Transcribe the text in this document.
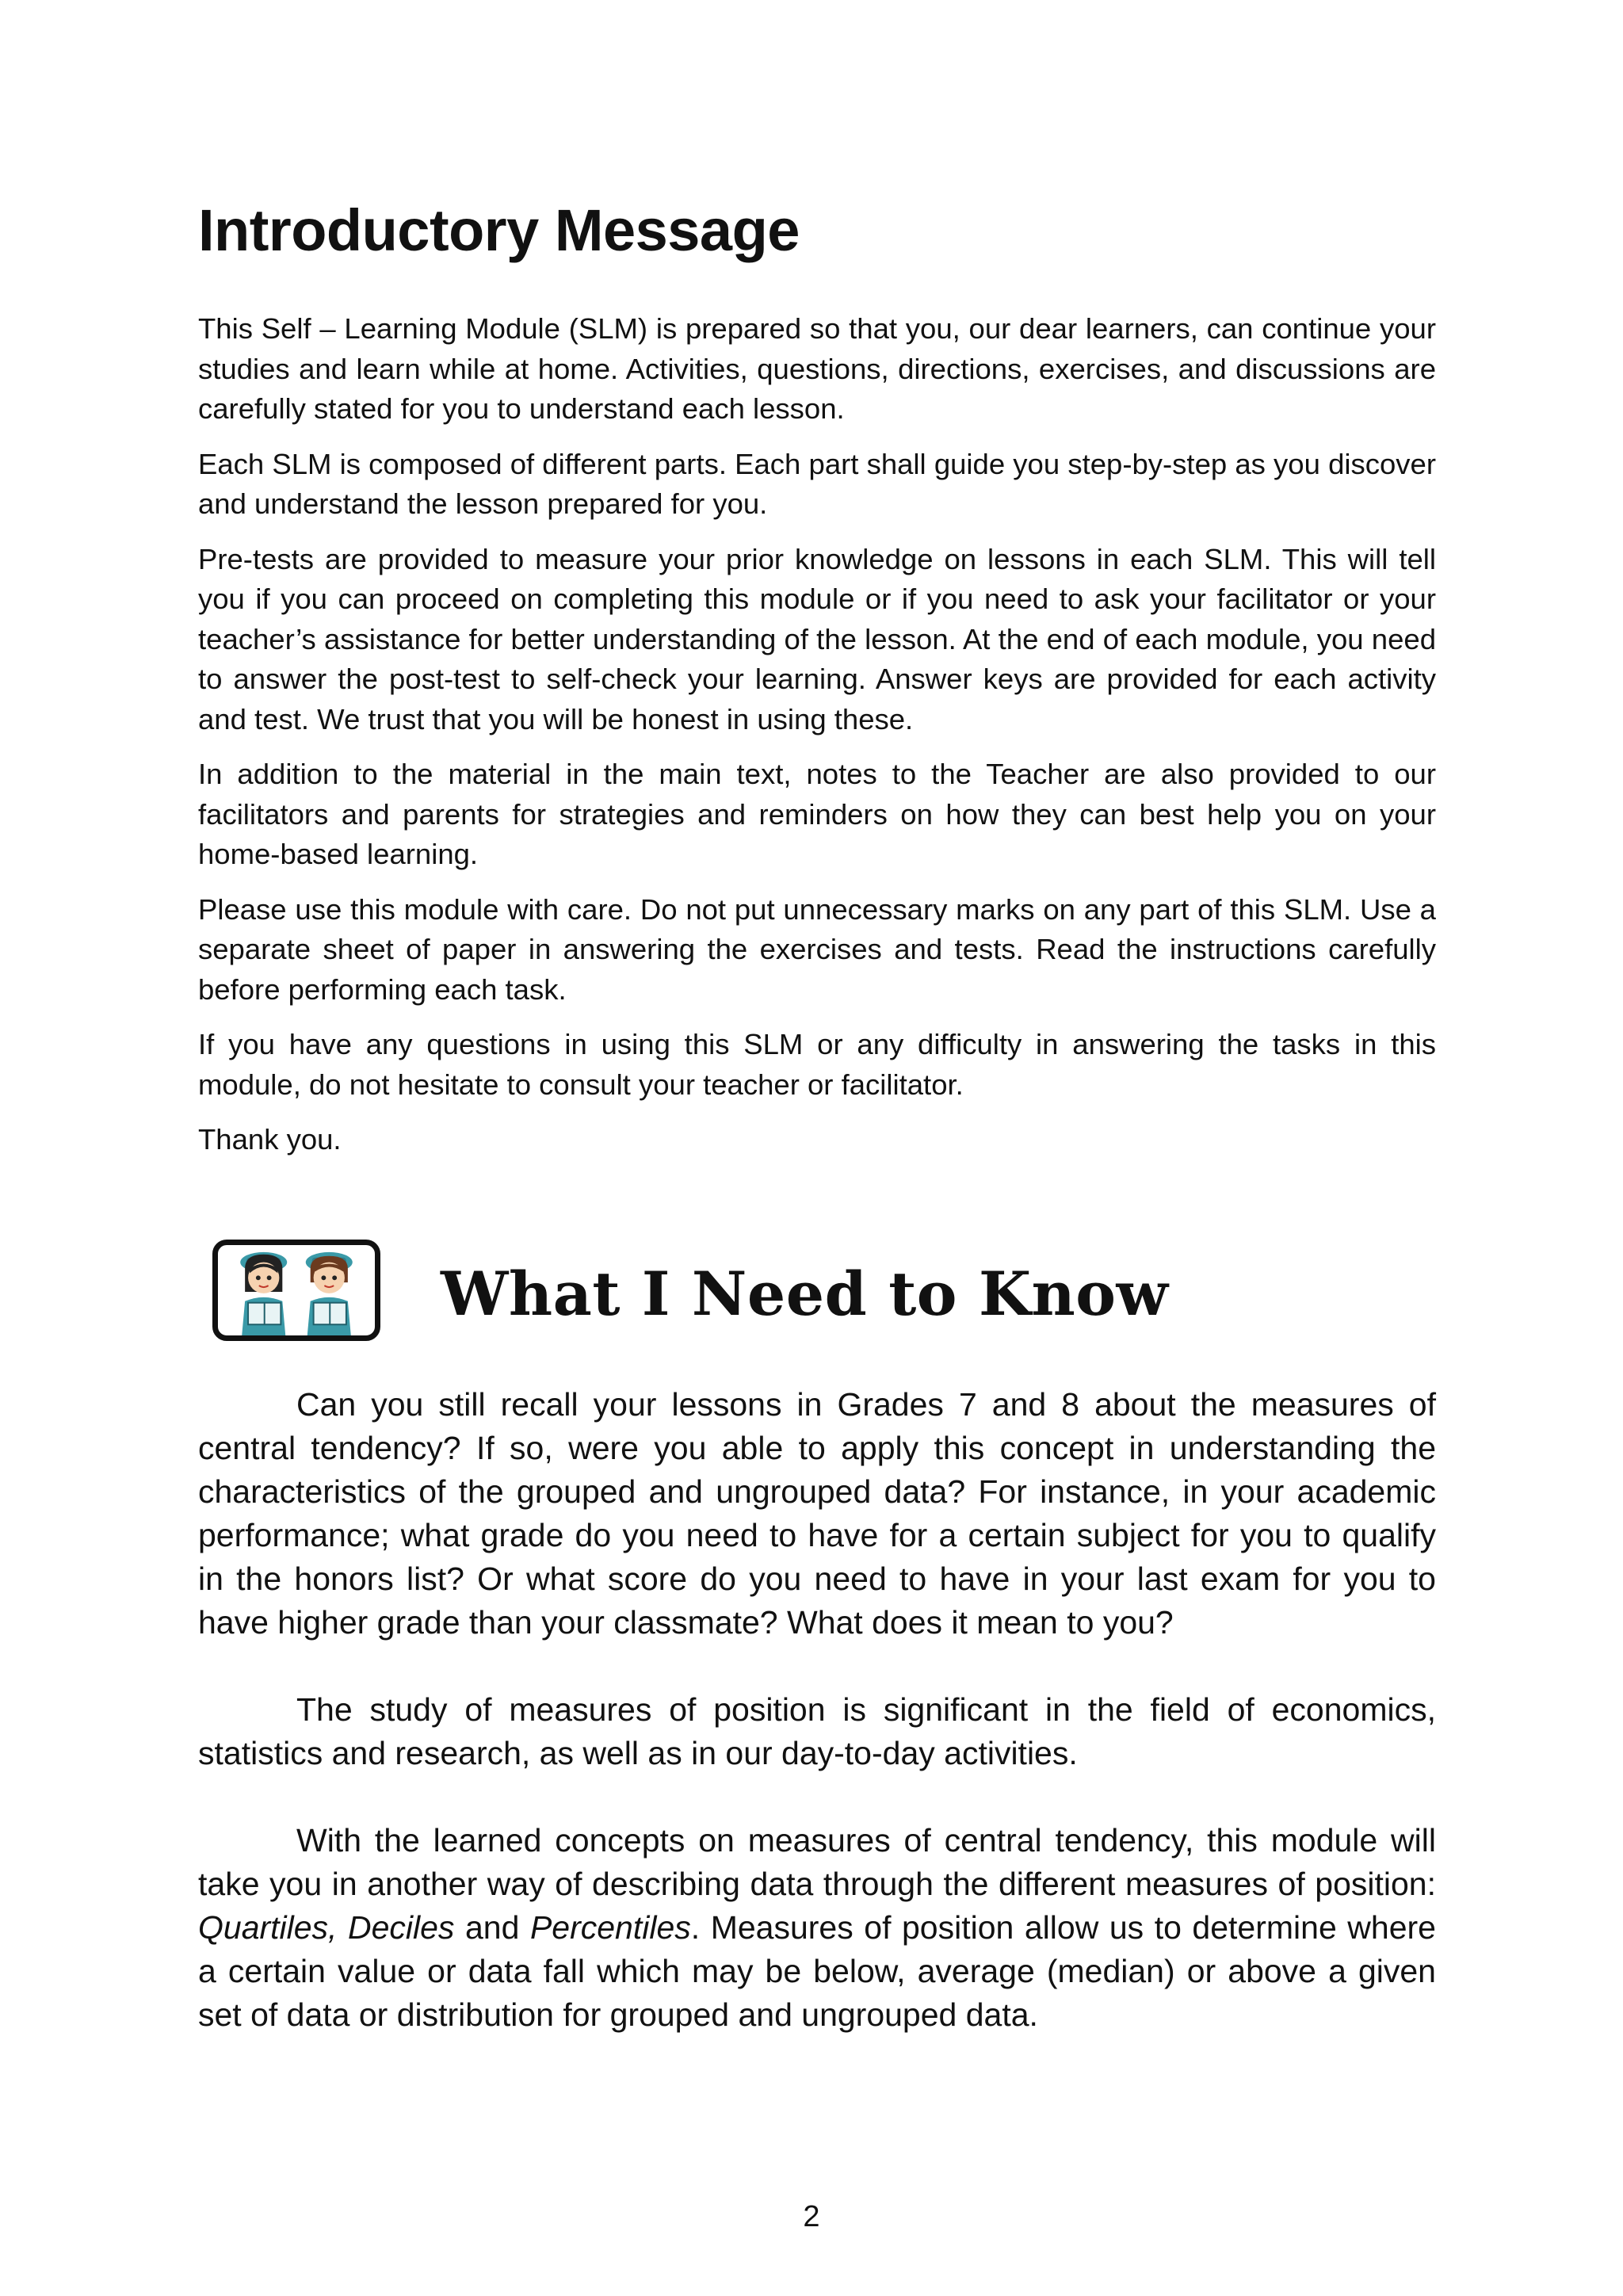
Introductory Message

This Self – Learning Module (SLM) is prepared so that you, our dear learners, can continue your studies and learn while at home. Activities, questions, directions, exercises, and discussions are carefully stated for you to understand each lesson.

Each SLM is composed of different parts. Each part shall guide you step-by-step as you discover and understand the lesson prepared for you.

Pre-tests are provided to measure your prior knowledge on lessons in each SLM. This will tell you if you can proceed on completing this module or if you need to ask your facilitator or your teacher’s assistance for better understanding of the lesson. At the end of each module, you need to answer the post-test to self-check your learning. Answer keys are provided for each activity and test. We trust that you will be honest in using these.

In addition to the material in the main text, notes to the Teacher are also provided to our facilitators and parents for strategies and reminders on how they can best help you on your home-based learning.

Please use this module with care. Do not put unnecessary marks on any part of this SLM. Use a separate sheet of paper in answering the exercises and tests. Read the instructions carefully before performing each task.

If you have any questions in using this SLM or any difficulty in answering the tasks in this module, do not hesitate to consult your teacher or facilitator.

Thank you.

What I Need to Know

Can you still recall your lessons in Grades 7 and 8 about the measures of central tendency? If so, were you able to apply this concept in understanding the characteristics of the grouped and ungrouped data? For instance, in your academic performance; what grade do you need to have for a certain subject for you to qualify in the honors list? Or what score do you need to have in your last exam for you to have higher grade than your classmate? What does it mean to you?

The study of measures of position is significant in the field of economics, statistics and research, as well as in our day-to-day activities.

With the learned concepts on measures of central tendency, this module will take you in another way of describing data through the different measures of position: Quartiles, Deciles and Percentiles. Measures of position allow us to determine where a certain value or data fall which may be below, average (median) or above a given set of data or distribution for grouped and ungrouped data.

2
